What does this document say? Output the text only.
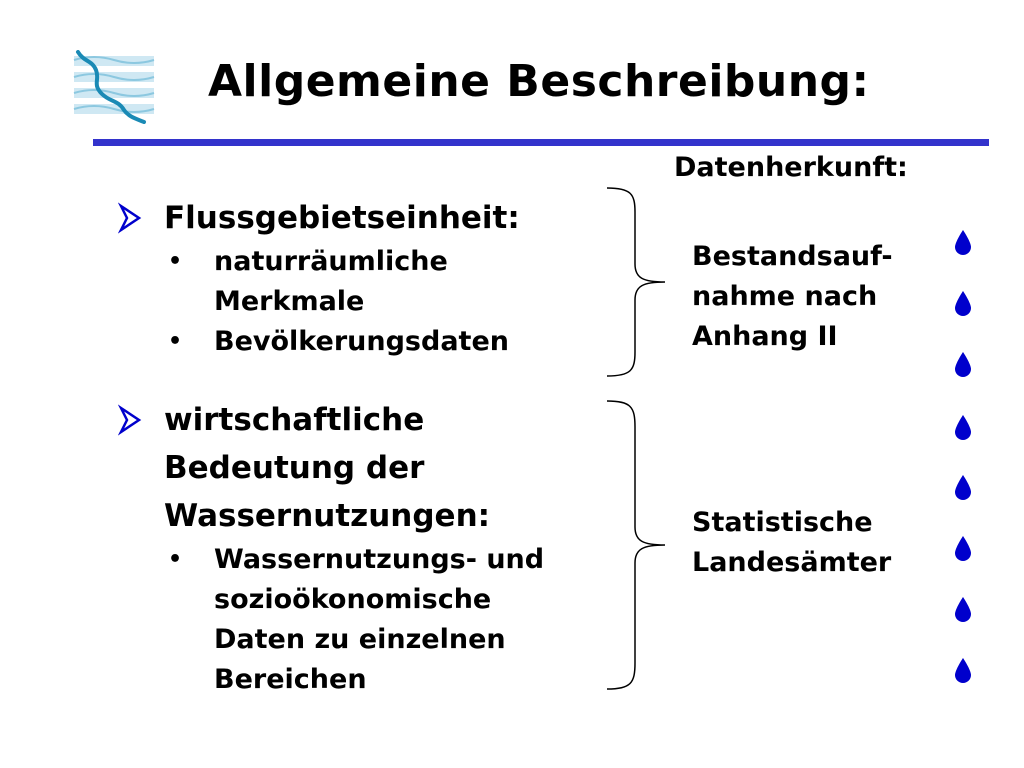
Allgemeine Beschreibung:
Datenherkunft:
Flussgebietseinheit:
• naturräumliche
Merkmale
• Bevölkerungsdaten
wirtschaftliche
Bedeutung der
Wassernutzungen:
• Wassernutzungs- und
sozioökonomische
Daten zu einzelnen
Bereichen
Bestandsauf-
nahme nach
Anhang II
Statistische
Landesämter
